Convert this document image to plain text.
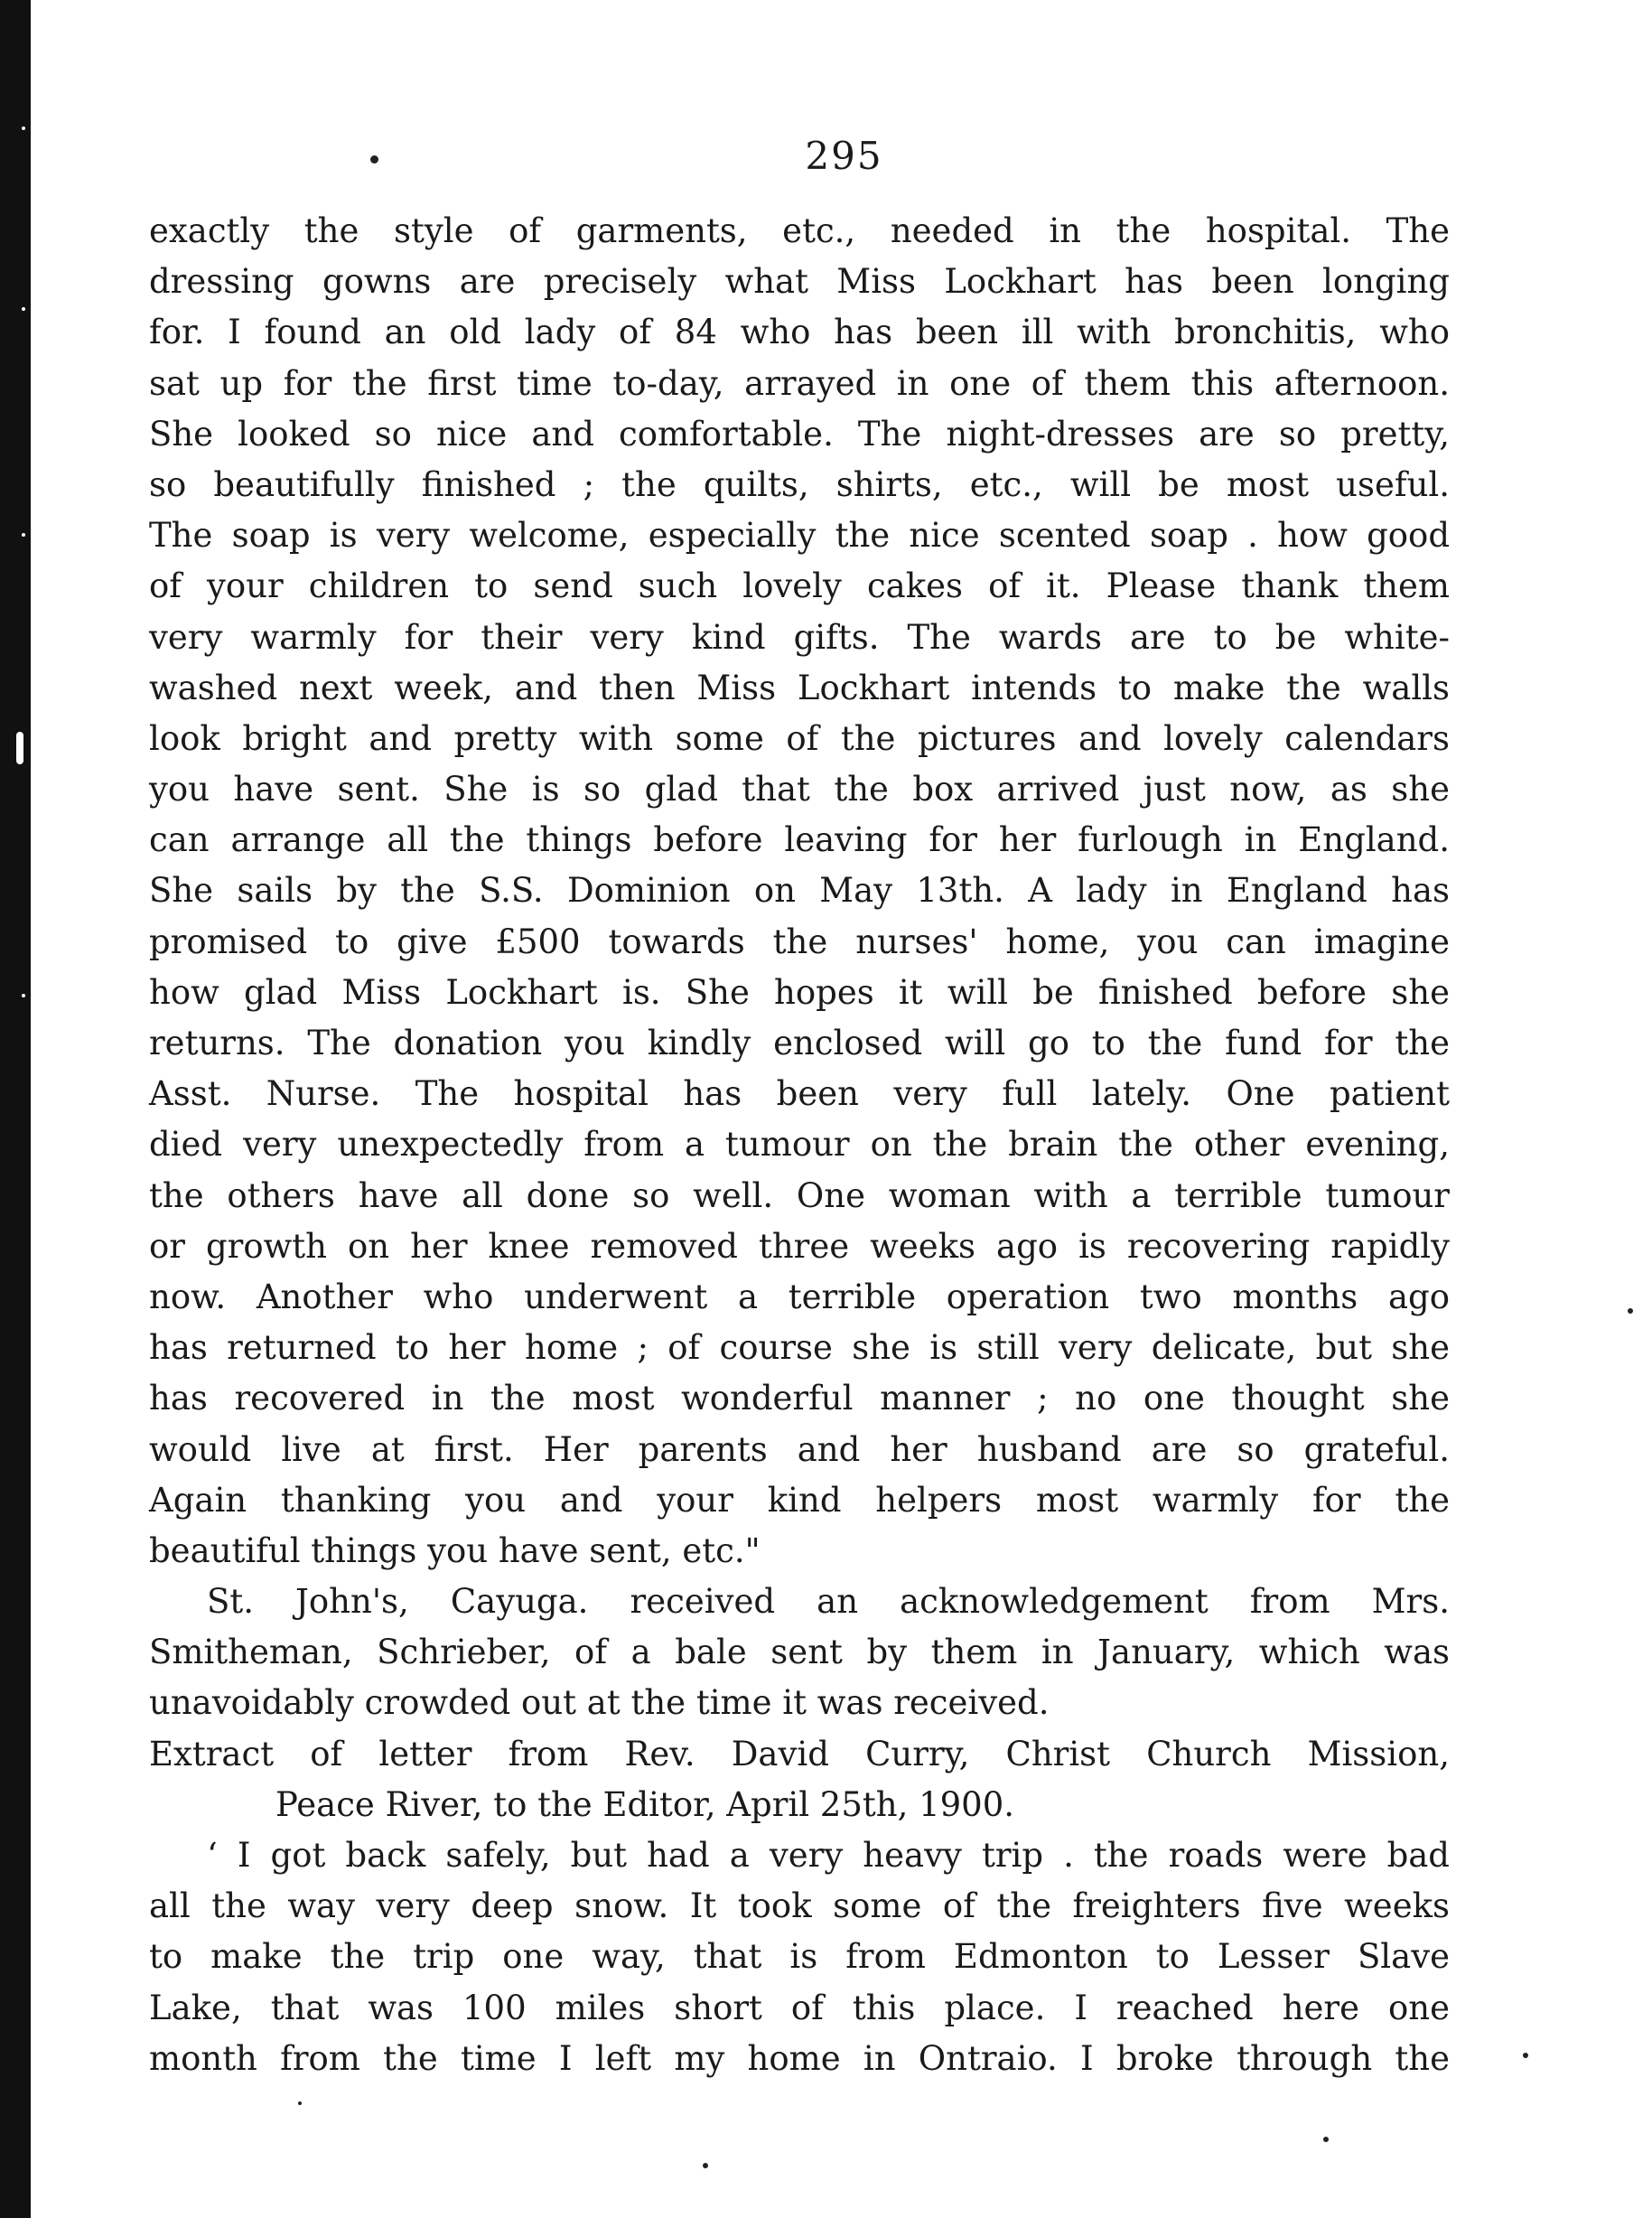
295
exactly the style of garments, etc., needed in the hospital. The
dressing gowns are precisely what Miss Lockhart has been longing
for. I found an old lady of 84 who has been ill with bronchitis, who
sat up for the first time to-day, arrayed in one of them this afternoon.
She looked so nice and comfortable. The night-dresses are so pretty,
so beautifully finished ; the quilts, shirts, etc., will be most useful.
The soap is very welcome, especially the nice scented soap . how good
of your children to send such lovely cakes of it. Please thank them
very warmly for their very kind gifts. The wards are to be white-
washed next week, and then Miss Lockhart intends to make the walls
look bright and pretty with some of the pictures and lovely calendars
you have sent. She is so glad that the box arrived just now, as she
can arrange all the things before leaving for her furlough in England.
She sails by the S.S. Dominion on May 13th. A lady in England has
promised to give £500 towards the nurses' home, you can imagine
how glad Miss Lockhart is. She hopes it will be finished before she
returns. The donation you kindly enclosed will go to the fund for the
Asst. Nurse. The hospital has been very full lately. One patient
died very unexpectedly from a tumour on the brain the other evening,
the others have all done so well. One woman with a terrible tumour
or growth on her knee removed three weeks ago is recovering rapidly
now. Another who underwent a terrible operation two months ago
has returned to her home ; of course she is still very delicate, but she
has recovered in the most wonderful manner ; no one thought she
would live at first. Her parents and her husband are so grateful.
Again thanking you and your kind helpers most warmly for the
beautiful things you have sent, etc."
St. John's, Cayuga. received an acknowledgement from Mrs.
Smitheman, Schrieber, of a bale sent by them in January, which was
unavoidably crowded out at the time it was received.
Extract of letter from Rev. David Curry, Christ Church Mission,
Peace River, to the Editor, April 25th, 1900.
‘ I got back safely, but had a very heavy trip . the roads were bad
all the way very deep snow. It took some of the freighters five weeks
to make the trip one way, that is from Edmonton to Lesser Slave
Lake, that was 100 miles short of this place. I reached here one
month from the time I left my home in Ontraio. I broke through the
